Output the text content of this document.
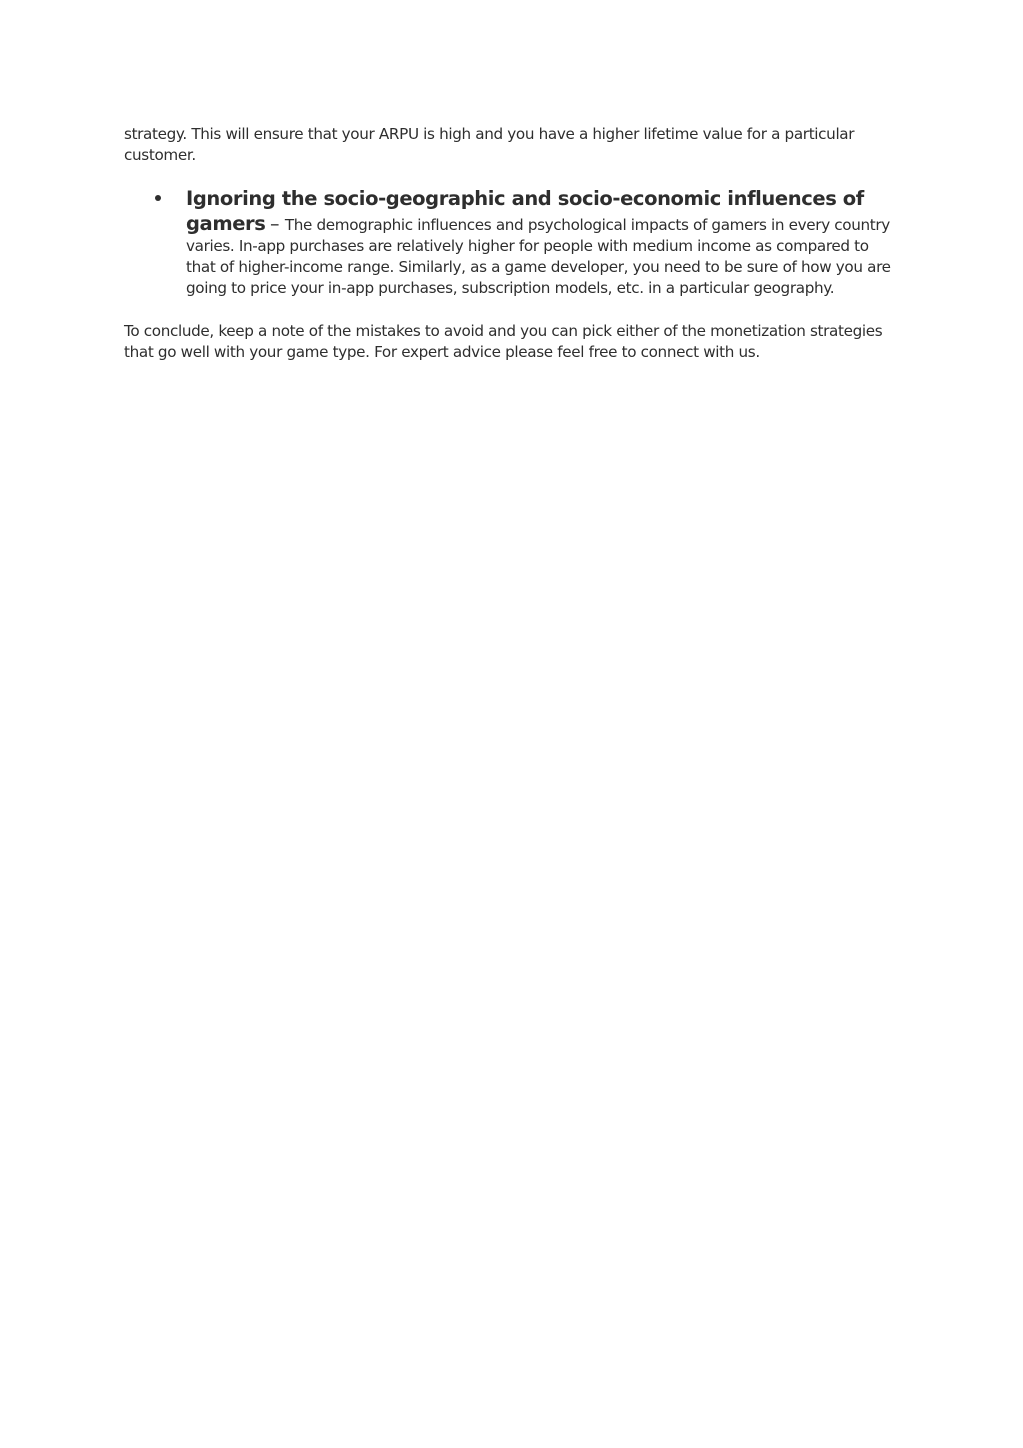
strategy. This will ensure that your ARPU is high and you have a higher lifetime value for a particular customer.

Ignoring the socio-geographic and socio-economic influences of gamers – The demographic influences and psychological impacts of gamers in every country varies. In-app purchases are relatively higher for people with medium income as compared to that of higher-income range. Similarly, as a game developer, you need to be sure of how you are going to price your in-app purchases, subscription models, etc. in a particular geography.

To conclude, keep a note of the mistakes to avoid and you can pick either of the monetization strategies that go well with your game type. For expert advice please feel free to connect with us.
